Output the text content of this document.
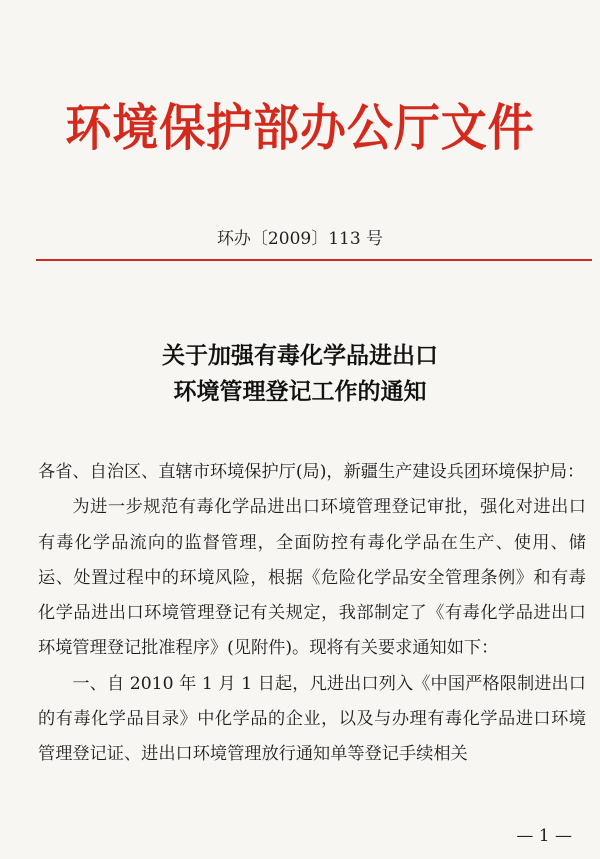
环境保护部办公厅文件
环办〔2009〕113 号
关于加强有毒化学品进出口
环境管理登记工作的通知

各省、自治区、直辖市环境保护厅(局)，新疆生产建设兵团环境保护局：

为进一步规范有毒化学品进出口环境管理登记审批，强化对进出口有毒化学品流向的监督管理，全面防控有毒化学品在生产、使用、储运、处置过程中的环境风险，根据《危险化学品安全管理条例》和有毒化学品进出口环境管理登记有关规定，我部制定了《有毒化学品进出口环境管理登记批准程序》(见附件)。现将有关要求通知如下：

一、自 2010 年 1 月 1 日起，凡进出口列入《中国严格限制进出口的有毒化学品目录》中化学品的企业，以及与办理有毒化学品进口环境管理登记证、进出口环境管理放行通知单等登记手续相关

— 1 —
